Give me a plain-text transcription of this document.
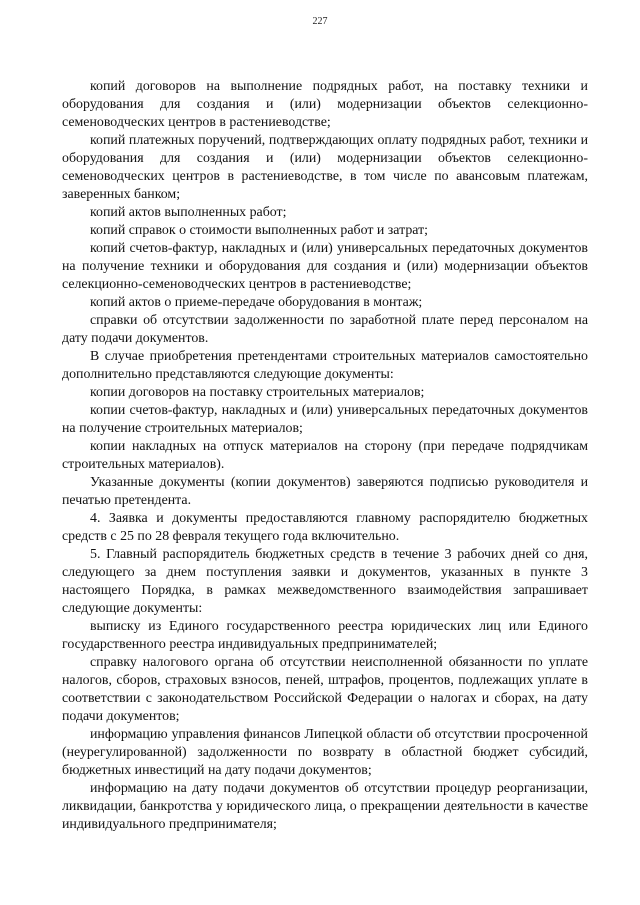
227

копий договоров на выполнение подрядных работ, на поставку техники и оборудования для создания и (или) модернизации объектов селекционно-семеноводческих центров в растениеводстве;

копий платежных поручений, подтверждающих оплату подрядных работ, техники и оборудования для создания и (или) модернизации объектов селекционно-семеноводческих центров в растениеводстве, в том числе по авансовым платежам, заверенных банком;

копий актов выполненных работ;

копий справок о стоимости выполненных работ и затрат;

копий счетов-фактур, накладных и (или) универсальных передаточных документов на получение техники и оборудования для создания и (или) модернизации объектов селекционно-семеноводческих центров в растениеводстве;

копий актов о приеме-передаче оборудования в монтаж;

справки об отсутствии задолженности по заработной плате перед персоналом на дату подачи документов.

В случае приобретения претендентами строительных материалов самостоятельно дополнительно представляются следующие документы:

копии договоров на поставку строительных материалов;

копии счетов-фактур, накладных и (или) универсальных передаточных документов на получение строительных материалов;

копии накладных на отпуск материалов на сторону (при передаче подрядчикам строительных материалов).

Указанные документы (копии документов) заверяются подписью руководителя и печатью претендента.

4. Заявка и документы предоставляются главному распорядителю бюджетных средств с 25 по 28 февраля текущего года включительно.

5. Главный распорядитель бюджетных средств в течение 3 рабочих дней со дня, следующего за днем поступления заявки и документов, указанных в пункте 3 настоящего Порядка, в рамках межведомственного взаимодействия запрашивает следующие документы:

выписку из Единого государственного реестра юридических лиц или Единого государственного реестра индивидуальных предпринимателей;

справку налогового органа об отсутствии неисполненной обязанности по уплате налогов, сборов, страховых взносов, пеней, штрафов, процентов, подлежащих уплате в соответствии с законодательством Российской Федерации о налогах и сборах, на дату подачи документов;

информацию управления финансов Липецкой области об отсутствии просроченной (неурегулированной) задолженности по возврату в областной бюджет субсидий, бюджетных инвестиций на дату подачи документов;

информацию на дату подачи документов об отсутствии процедур реорганизации, ликвидации, банкротства у юридического лица, о прекращении деятельности в качестве индивидуального предпринимателя;
